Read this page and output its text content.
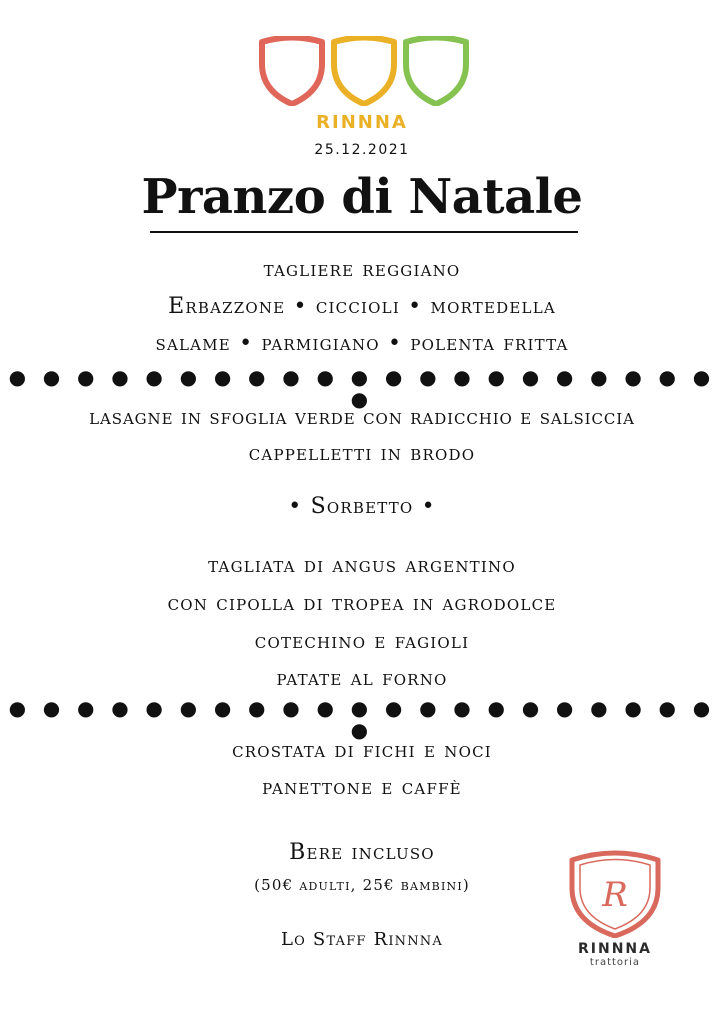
RINNNA
25.12.2021
Pranzo di Natale
tagliere reggiano
Erbazzone • ciccioli • mortedella
salame • parmigiano • polenta fritta
● ● ● ● ● ● ● ● ● ● ● ● ● ● ● ● ● ● ● ● ● ●
lasagne in sfoglia verde con radicchio e salsiccia
cappelletti in brodo
• Sorbetto •
tagliata di angus argentino
con cipolla di tropea in agrodolce
cotechino e fagioli
patate al forno
● ● ● ● ● ● ● ● ● ● ● ● ● ● ● ● ● ● ● ● ● ●
crostata di fichi e noci
panettone e caffè
Bere incluso
(50€ adulti, 25€ bambini)
Lo Staff Rinnna
R
RINNNA
trattoria
